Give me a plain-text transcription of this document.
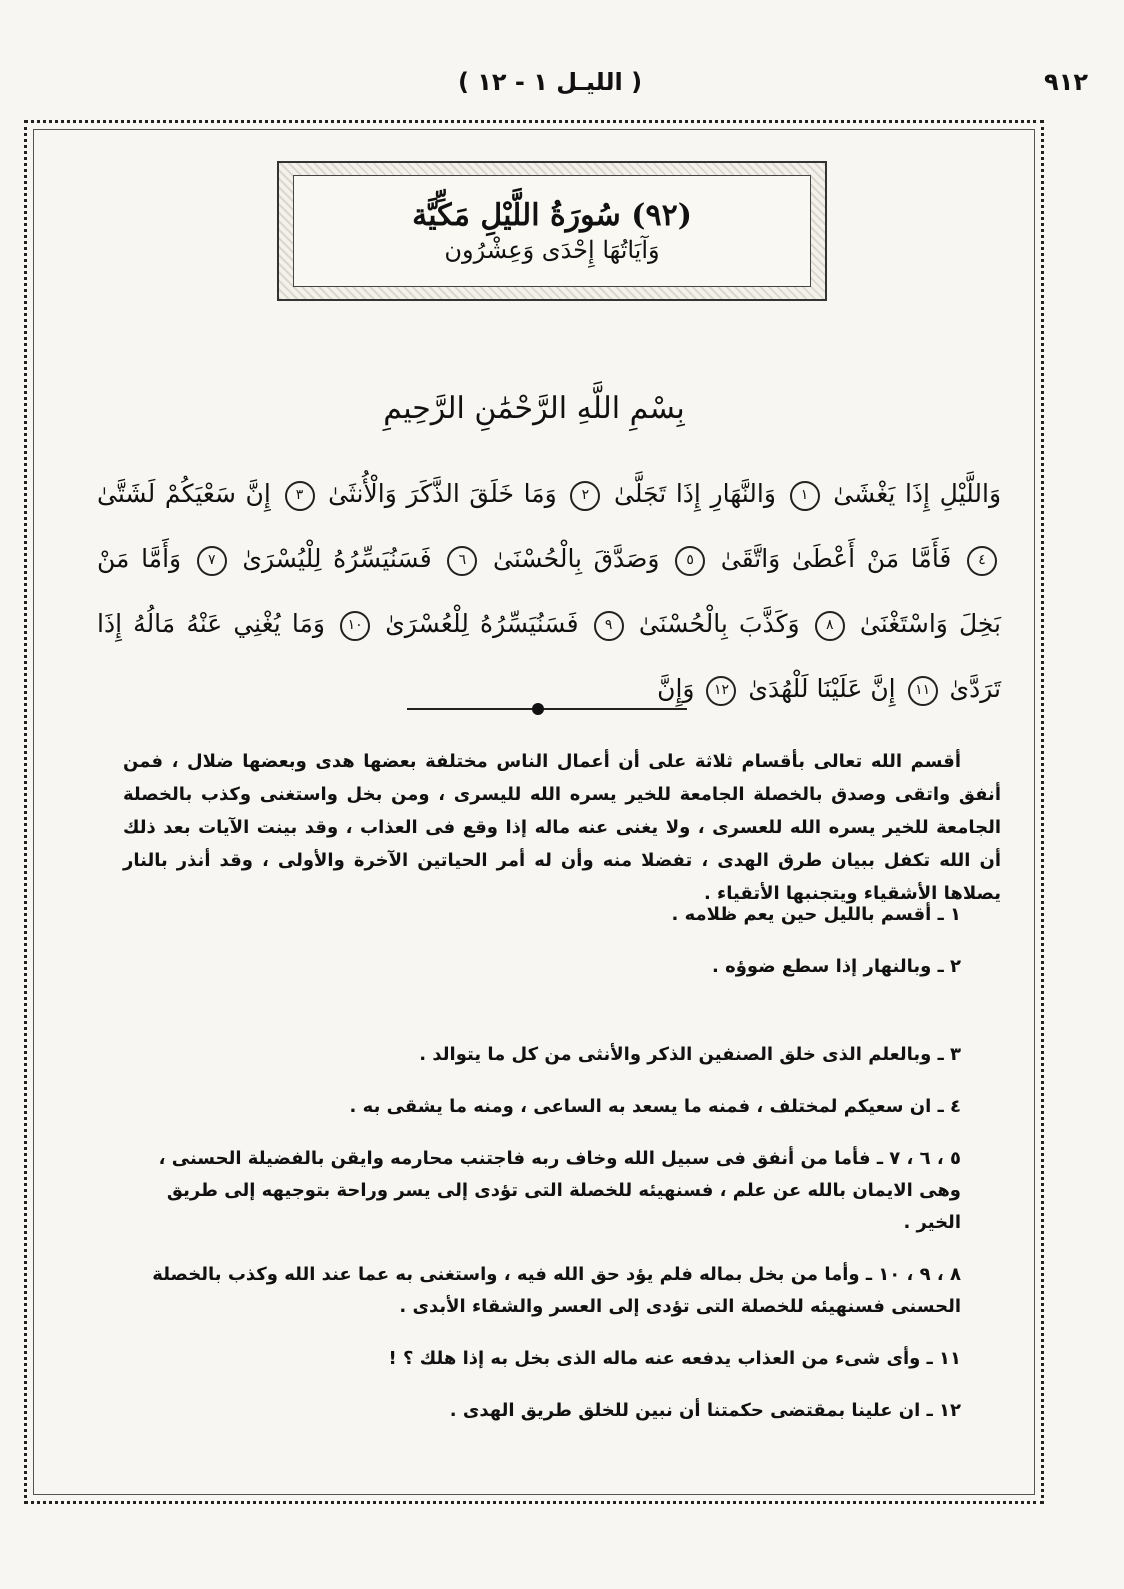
٩١٢
( الليـل ١ - ١٢ )
(٩٢) سُورَةُ اللَّيْلِ مَكِّيَّة
وَآيَاتُهَا إِحْدَى وَعِشْرُون
بِسْمِ اللَّهِ الرَّحْمَٰنِ الرَّحِيمِ
وَاللَّيْلِ إِذَا يَغْشَىٰ ١ وَالنَّهَارِ إِذَا تَجَلَّىٰ ٢ وَمَا خَلَقَ الذَّكَرَ وَالْأُنثَىٰ ٣ إِنَّ سَعْيَكُمْ لَشَتَّىٰ ٤ فَأَمَّا مَنْ أَعْطَىٰ وَاتَّقَىٰ ٥ وَصَدَّقَ بِالْحُسْنَىٰ ٦ فَسَنُيَسِّرُهُ لِلْيُسْرَىٰ ٧ وَأَمَّا مَنْ بَخِلَ وَاسْتَغْنَىٰ ٨ وَكَذَّبَ بِالْحُسْنَىٰ ٩ فَسَنُيَسِّرُهُ لِلْعُسْرَىٰ ١٠ وَمَا يُغْنِي عَنْهُ مَالُهُ إِذَا تَرَدَّىٰ ١١ إِنَّ عَلَيْنَا لَلْهُدَىٰ ١٢ وَإِنَّ

أقسم الله تعالى بأقسام ثلاثة على أن أعمال الناس مختلفة بعضها هدى وبعضها ضلال ، فمن أنفق واتقى وصدق بالخصلة الجامعة للخير يسره الله لليسرى ، ومن بخل واستغنى وكذب بالخصلة الجامعة للخير يسره الله للعسرى ، ولا يغنى عنه ماله إذا وقع فى العذاب ، وقد بينت الآيات بعد ذلك أن الله تكفل ببيان طرق الهدى ، تفضلا منه وأن له أمر الحياتين الآخرة والأولى ، وقد أنذر بالنار يصلاها الأشقياء ويتجنبها الأتقياء .

١ ـ أقسم بالليل حين يعم ظلامه .
٢ ـ وبالنهار إذا سطع ضوؤه .
٣ ـ وبالعلم الذى خلق الصنفين الذكر والأنثى من كل ما يتوالد .
٤ ـ ان سعيكم لمختلف ، فمنه ما يسعد به الساعى ، ومنه ما يشقى به .
٥ ، ٦ ، ٧ ـ فأما من أنفق فى سبيل الله وخاف ربه فاجتنب محارمه وايقن بالفضيلة الحسنى ، وهى الايمان بالله عن علم ، فسنهيئه للخصلة التى تؤدى إلى يسر وراحة بتوجيهه إلى طريق الخير .
٨ ، ٩ ، ١٠ ـ وأما من بخل بماله فلم يؤد حق الله فيه ، واستغنى به عما عند الله وكذب بالخصلة الحسنى فسنهيئه للخصلة التى تؤدى إلى العسر والشقاء الأبدى .
١١ ـ وأى شىء من العذاب يدفعه عنه ماله الذى بخل به إذا هلك ؟ !
١٢ ـ ان علينا بمقتضى حكمتنا أن نبين للخلق طريق الهدى .
